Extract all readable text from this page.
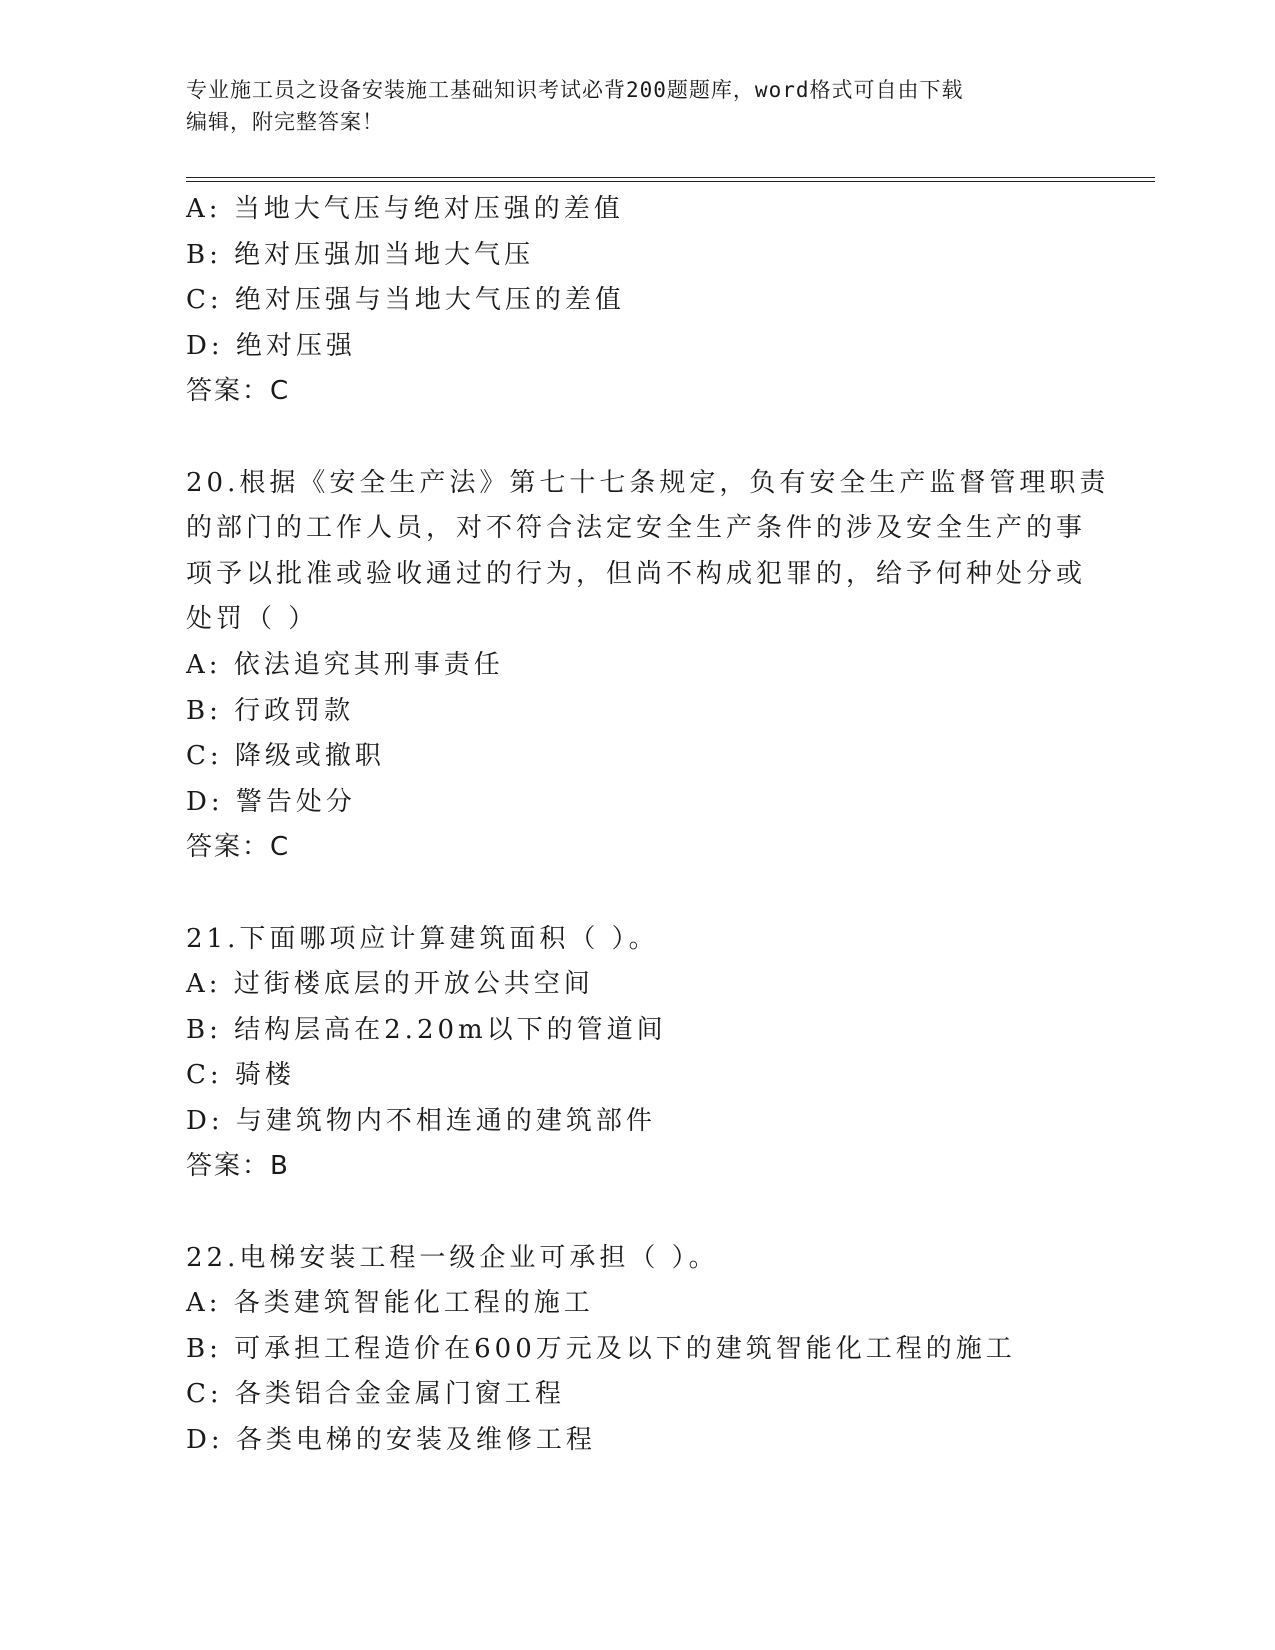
专业施工员之设备安装施工基础知识考试必背200题题库，word格式可自由下载
编辑，附完整答案！
A: 当地大气压与绝对压强的差值
B: 绝对压强加当地大气压
C: 绝对压强与当地大气压的差值
D: 绝对压强
答案：C
20.根据《安全生产法》第七十七条规定，负有安全生产监督管理职责
的部门的工作人员，对不符合法定安全生产条件的涉及安全生产的事
项予以批准或验收通过的行为，但尚不构成犯罪的，给予何种处分或
处罚（ ）
A: 依法追究其刑事责任
B: 行政罚款
C: 降级或撤职
D: 警告处分
答案：C
21.下面哪项应计算建筑面积（ ）。
A: 过街楼底层的开放公共空间
B: 结构层高在2.20m以下的管道间
C: 骑楼
D: 与建筑物内不相连通的建筑部件
答案：B
22.电梯安装工程一级企业可承担（ ）。
A: 各类建筑智能化工程的施工
B: 可承担工程造价在600万元及以下的建筑智能化工程的施工
C: 各类铝合金金属门窗工程
D: 各类电梯的安装及维修工程
